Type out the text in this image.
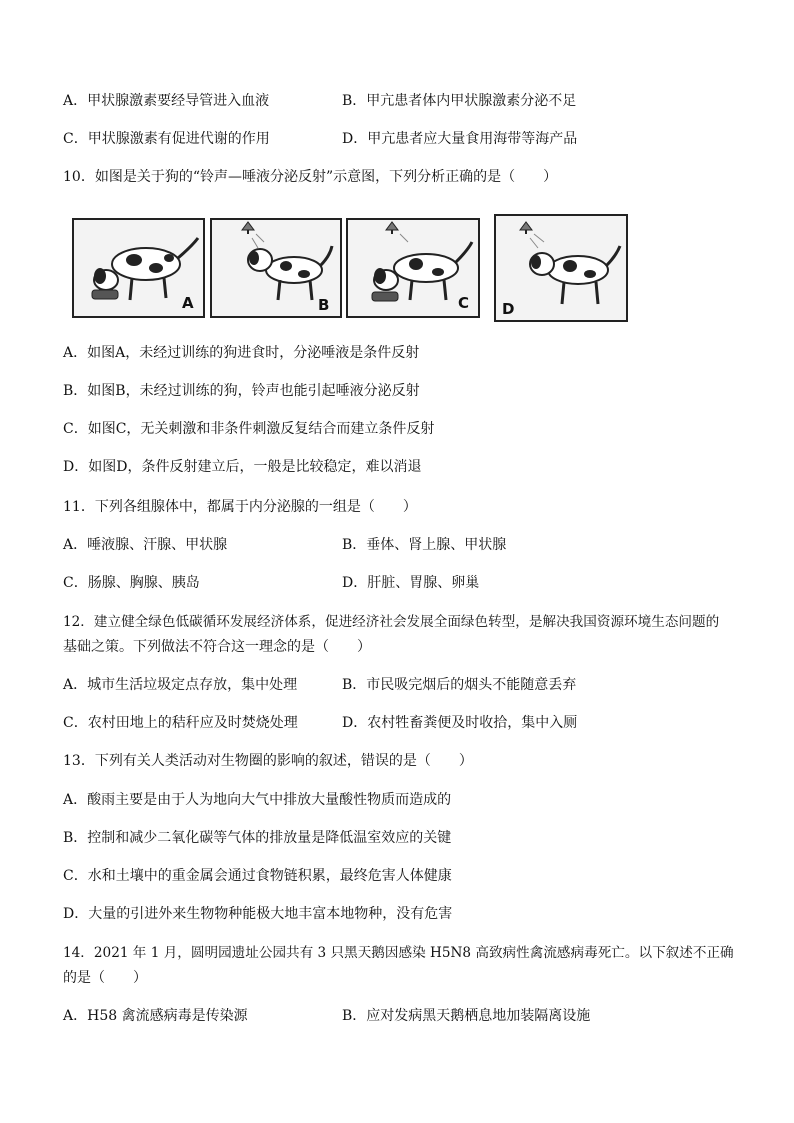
A．甲状腺激素要经导管进入血液	B．甲亢患者体内甲状腺激素分泌不足
C．甲状腺激素有促进代谢的作用	D．甲亢患者应大量食用海带等海产品
10．如图是关于狗的“铃声—唾液分泌反射”示意图，下列分析正确的是（　　）
A	B	C D
A．如图A，未经过训练的狗进食时，分泌唾液是条件反射
B．如图B，未经过训练的狗，铃声也能引起唾液分泌反射
C．如图C，无关刺激和非条件刺激反复结合而建立条件反射
D．如图D，条件反射建立后，一般是比较稳定，难以消退
11．下列各组腺体中，都属于内分泌腺的一组是（　　）
A．唾液腺、汗腺、甲状腺	B．垂体、肾上腺、甲状腺
C．肠腺、胸腺、胰岛	D．肝脏、胃腺、卵巢
12．建立健全绿色低碳循环发展经济体系，促进经济社会发展全面绿色转型，是解决我国资源环境生态问题的
基础之策。下列做法不符合这一理念的是（　　）
A．城市生活垃圾定点存放，集中处理	B．市民吸完烟后的烟头不能随意丢弃
C．农村田地上的秸秆应及时焚烧处理	D．农村牲畜粪便及时收拾，集中入厕
13．下列有关人类活动对生物圈的影响的叙述，错误的是（　　）
A．酸雨主要是由于人为地向大气中排放大量酸性物质而造成的
B．控制和减少二氧化碳等气体的排放量是降低温室效应的关键
C．水和土壤中的重金属会通过食物链积累，最终危害人体健康
D．大量的引进外来生物物种能极大地丰富本地物种，没有危害
14．2021 年 1 月，圆明园遗址公园共有 3 只黑天鹅因感染 H5N8 高致病性禽流感病毒死亡。以下叙述不正确
的是（　　）
A．H58 禽流感病毒是传染源	B．应对发病黑天鹅栖息地加装隔离设施
